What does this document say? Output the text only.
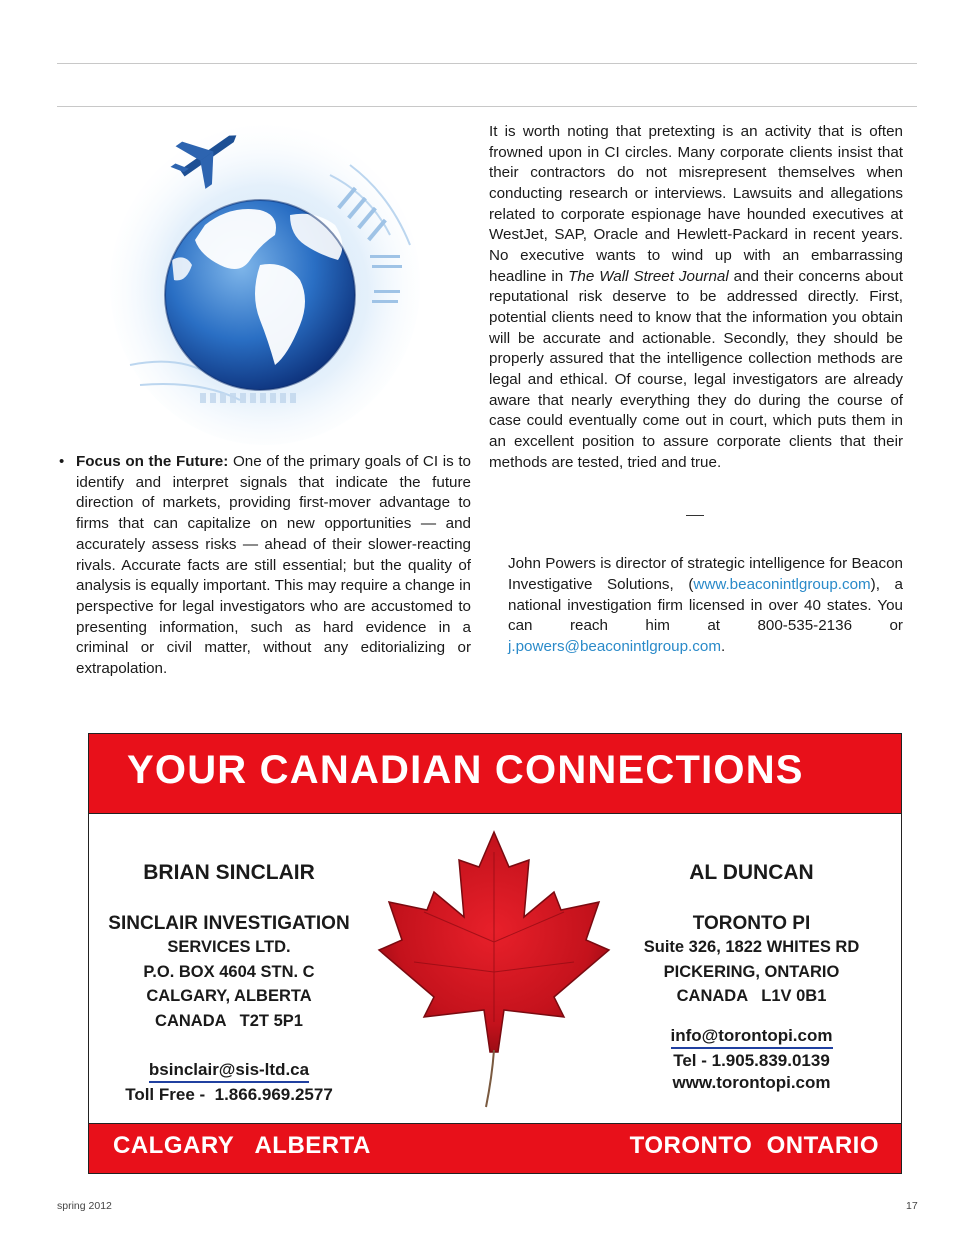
• Focus on the Future: One of the primary goals of CI is to identify and interpret signals that indicate the future direction of markets, providing first-mover advantage to firms that can capitalize on new opportunities — and accurately assess risks — ahead of their slower-reacting rivals. Accurate facts are still essential; but the quality of analysis is equally important. This may require a change in perspective for legal investigators who are accustomed to presenting information, such as hard evidence in a criminal or civil matter, without any editorializing or extrapolation.
It is worth noting that pretexting is an activity that is often frowned upon in CI circles. Many corporate clients insist that their contractors do not misrepresent themselves when conducting research or interviews. Lawsuits and allegations related to corporate espionage have hounded executives at WestJet, SAP, Oracle and Hewlett-Packard in recent years. No executive wants to wind up with an embarrassing headline in The Wall Street Journal and their concerns about reputational risk deserve to be addressed directly. First, potential clients need to know that the information you obtain will be accurate and actionable. Secondly, they should be properly assured that the intelligence collection methods are legal and ethical. Of course, legal investigators are already aware that nearly everything they do during the course of case could eventually come out in court, which puts them in an excellent position to assure corporate clients that their methods are tested, tried and true.
John Powers is director of strategic intelligence for Beacon Investigative Solutions, (www.beaconintlgroup.com), a national investigation firm licensed in over 40 states. You can reach him at 800-535-2136 or j.powers@beaconintlgroup.com.
YOUR CANADIAN CONNECTIONS
BRIAN SINCLAIR
SINCLAIR INVESTIGATION
SERVICES LTD.
P.O. BOX 4604 STN. C
CALGARY, ALBERTA
CANADA   T2T 5P1
bsinclair@sis-ltd.ca
Toll Free -  1.866.969.2577
AL DUNCAN
TORONTO PI
Suite 326, 1822 WHITES RD
PICKERING, ONTARIO
CANADA   L1V 0B1
info@torontopi.com
Tel - 1.905.839.0139
www.torontopi.com
CALGARY   ALBERTA	TORONTO  ONTARIO
spring 2012	17
